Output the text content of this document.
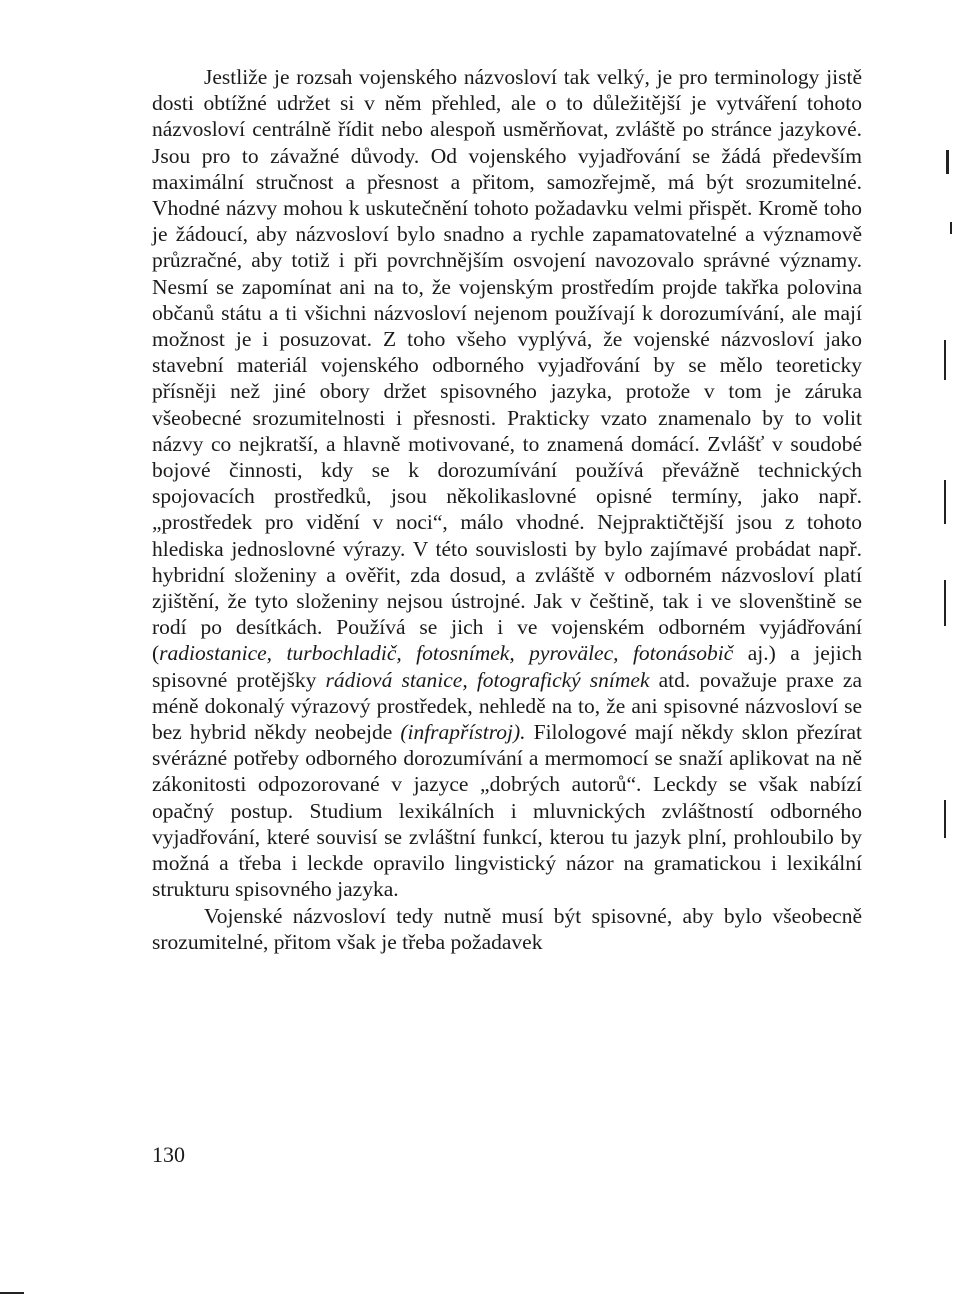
Jestliže je rozsah vojenského názvosloví tak velký, je pro terminology jistě dosti obtížné udržet si v něm přehled, ale o to důležitější je vytváření tohoto názvosloví centrálně řídit nebo alespoň usměrňovat, zvláště po stránce jazykové. Jsou pro to závažné důvody. Od vojenského vyjadřování se žádá především maximální stručnost a přesnost a přitom, samozřejmě, má být srozumitelné. Vhodné názvy mohou k uskutečnění tohoto požadavku velmi přispět. Kromě toho je žádoucí, aby názvosloví bylo snadno a rychle zapamatovatelné a významově průzračné, aby totiž i při povrchnějším osvojení navozovalo správné významy. Nesmí se zapomínat ani na to, že vojenským prostředím projde takřka polovina občanů státu a ti všichni názvosloví nejenom používají k dorozumívání, ale mají možnost je i posuzovat. Z toho všeho vyplývá, že vojenské názvosloví jako stavební materiál vojenského odborného vyjadřování by se mělo teoreticky přísněji než jiné obory držet spisovného jazyka, protože v tom je záruka všeobecné srozumitelnosti i přesnosti. Prakticky vzato znamenalo by to volit názvy co nejkratší, a hlavně motivované, to znamená domácí. Zvlášť v soudobé bojové činnosti, kdy se k dorozumívání používá převážně technických spojovacích prostředků, jsou několikaslovné opisné termíny, jako např. „prostředek pro vidění v noci“, málo vhodné. Nejpraktičtější jsou z tohoto hlediska jednoslovné výrazy. V této souvislosti by bylo zajímavé probádat např. hybridní složeniny a ověřit, zda dosud, a zvláště v odborném názvosloví platí zjištění, že tyto složeniny nejsou ústrojné. Jak v češtině, tak i ve slovenštině se rodí po desítkách. Používá se jich i ve vojenském odborném vyjádřování (radiostanice, turbochladič, fotosnímek, pyrovälec, fotonásobič aj.) a jejich spisovné protějšky rádiová stanice, fotografický snímek atd. považuje praxe za méně dokonalý výrazový prostředek, nehledě na to, že ani spisovné názvosloví se bez hybrid někdy neobejde (infrapřístroj). Filologové mají někdy sklon přezírat svérázné potřeby odborného dorozumívání a mermomocí se snaží aplikovat na ně zákonitosti odpozorované v jazyce „dobrých autorů“. Leckdy se však nabízí opačný postup. Studium lexikálních i mluvnických zvláštností odborného vyjadřování, které souvisí se zvláštní funkcí, kterou tu jazyk plní, prohloubilo by možná a třeba i leckde opravilo lingvistický názor na gramatickou i lexikální strukturu spisovného jazyka.

Vojenské názvosloví tedy nutně musí být spisovné, aby bylo všeobecně srozumitelné, přitom však je třeba požadavek

130
